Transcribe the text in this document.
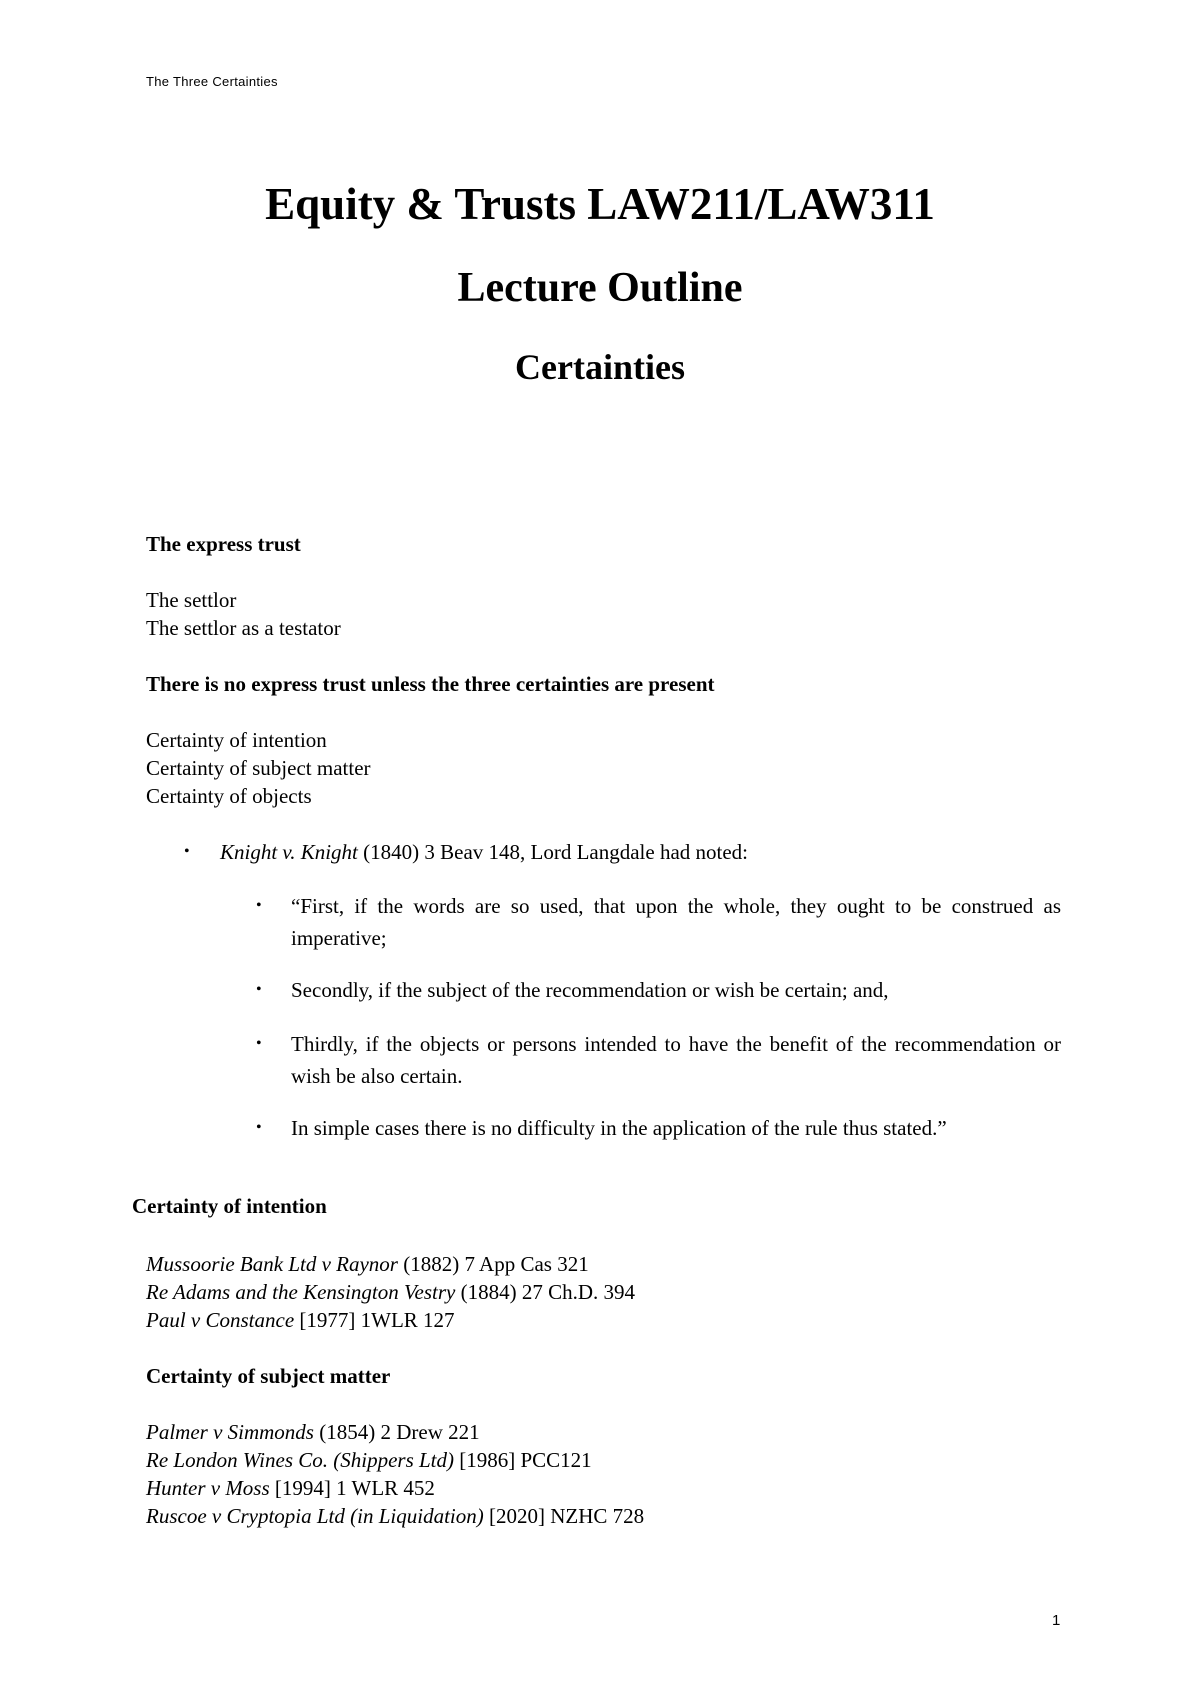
The Three Certainties
Equity & Trusts LAW211/LAW311
Lecture Outline
Certainties
The express trust
The settlor
The settlor as a testator
There is no express trust unless the three certainties are present
Certainty of intention
Certainty of subject matter
Certainty of objects
• Knight v. Knight (1840) 3 Beav 148, Lord Langdale had noted:
• “First, if the words are so used, that upon the whole, they ought to be construed as imperative;
• Secondly, if the subject of the recommendation or wish be certain; and,
• Thirdly, if the objects or persons intended to have the benefit of the recommendation or wish be also certain.
• In simple cases there is no difficulty in the application of the rule thus stated.”
Certainty of intention
Mussoorie Bank Ltd v Raynor (1882) 7 App Cas 321
Re Adams and the Kensington Vestry (1884) 27 Ch.D. 394
Paul v Constance [1977] 1WLR 127
Certainty of subject matter
Palmer v Simmonds (1854) 2 Drew 221
Re London Wines Co. (Shippers Ltd) [1986] PCC121
Hunter v Moss [1994] 1 WLR 452
Ruscoe v Cryptopia Ltd (in Liquidation) [2020] NZHC 728
1
